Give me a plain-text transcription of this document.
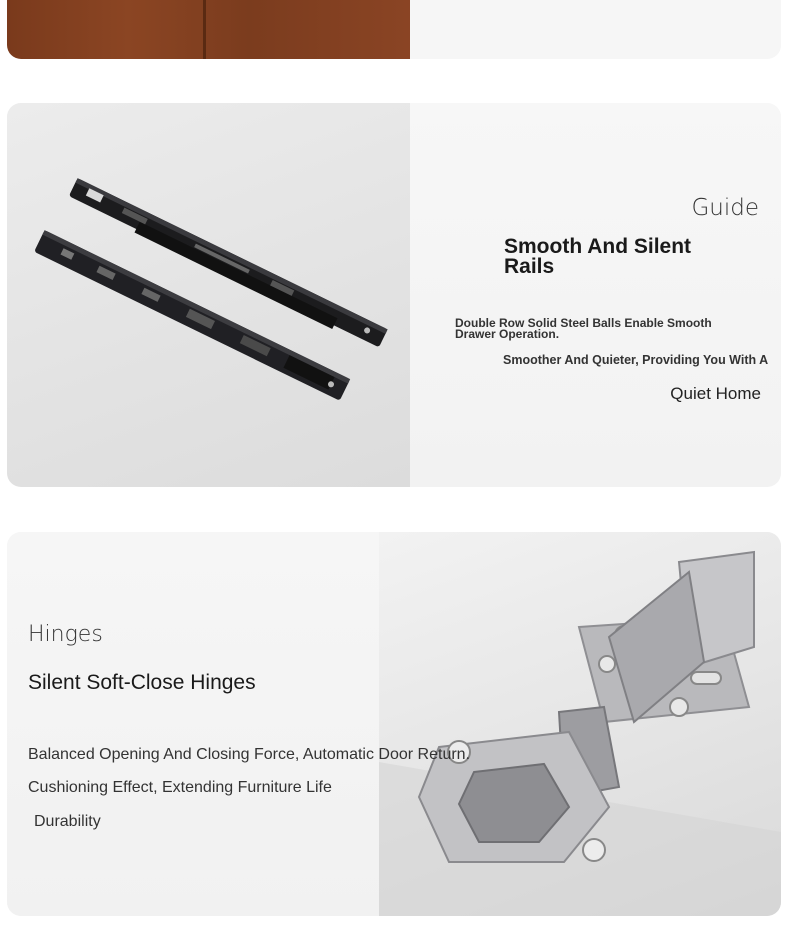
Guide
Smooth And Silent Rails
Double Row Solid Steel Balls Enable Smooth Drawer Operation.
Smoother And Quieter, Providing You With A
Quiet Home
Hinges
Silent Soft-Close Hinges
Balanced Opening And Closing Force, Automatic Door Return.
Cushioning Effect, Extending Furniture Life
Durability
